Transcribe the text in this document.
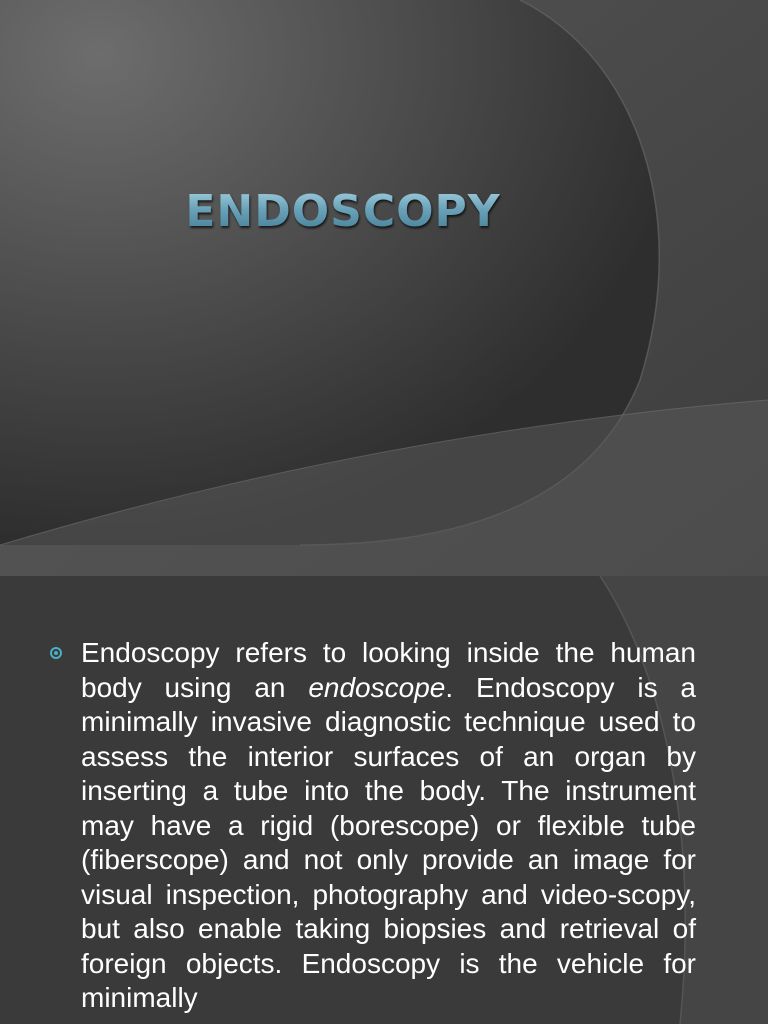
ENDOSCOPY

Endoscopy refers to looking inside the human body using an endoscope. Endoscopy is a minimally invasive diagnostic technique used to assess the interior surfaces of an organ by inserting a tube into the body. The instrument may have a rigid (borescope) or flexible tube (fiberscope) and not only provide an image for visual inspection, photography and video-scopy, but also enable taking biopsies and retrieval of foreign objects. Endoscopy is the vehicle for minimally
